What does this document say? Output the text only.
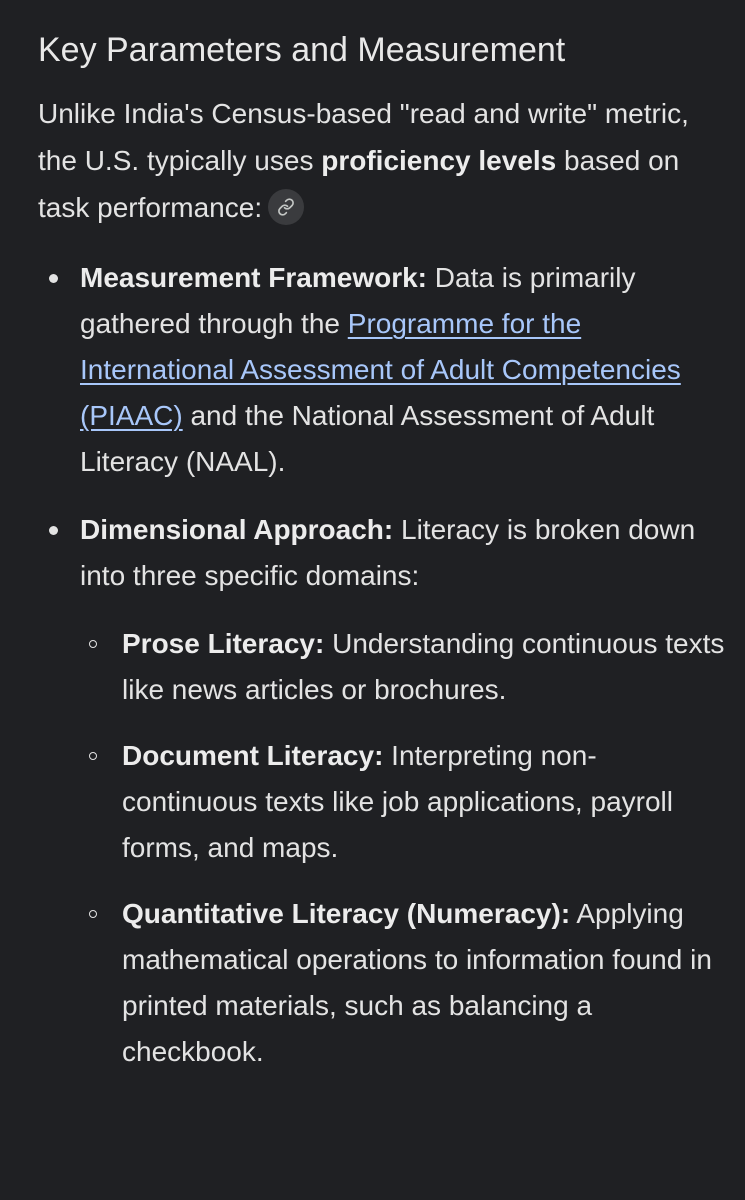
Key Parameters and Measurement

Unlike India's Census-based "read and write" metric, the U.S. typically uses proficiency levels based on task performance:

Measurement Framework: Data is primarily gathered through the Programme for the International Assessment of Adult Competencies (PIAAC) and the National Assessment of Adult Literacy (NAAL).
Dimensional Approach: Literacy is broken down into three specific domains:
Prose Literacy: Understanding continuous texts like news articles or brochures.
Document Literacy: Interpreting non-continuous texts like job applications, payroll forms, and maps.
Quantitative Literacy (Numeracy): Applying mathematical operations to information found in printed materials, such as balancing a checkbook.
